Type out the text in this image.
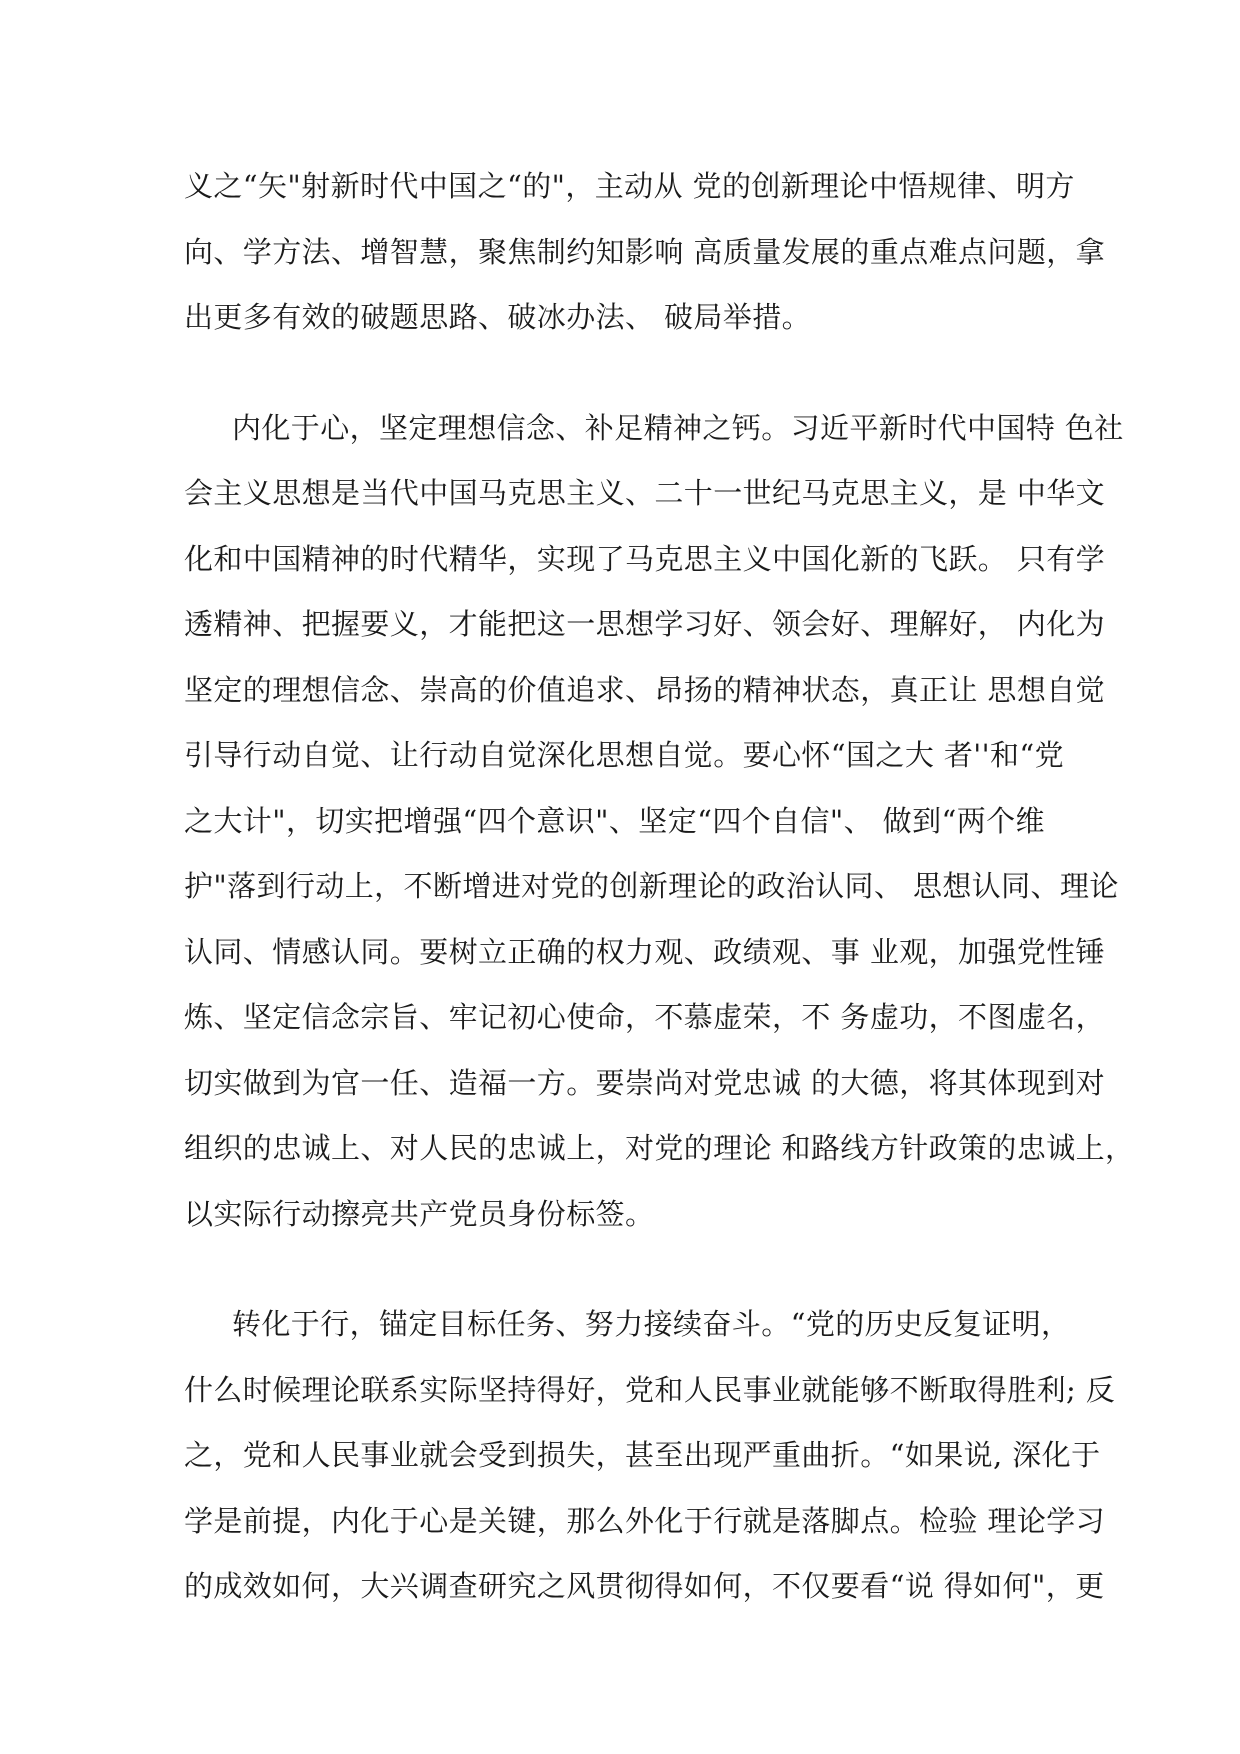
义之“矢"射新时代中国之“的"，主动从 党的创新理论中悟规律、明方
向、学方法、增智慧，聚焦制约知影响 高质量发展的重点难点问题，拿
出更多有效的破题思路、破冰办法、 破局举措。
内化于心，坚定理想信念、补足精神之钙。习近平新时代中国特 色社
会主义思想是当代中国马克思主义、二十一世纪马克思主义，是 中华文
化和中国精神的时代精华，实现了马克思主义中国化新的飞跃。 只有学
透精神、把握要义，才能把这一思想学习好、领会好、理解好， 内化为
坚定的理想信念、崇高的价值追求、昂扬的精神状态，真正让 思想自觉
引导行动自觉、让行动自觉深化思想自觉。要心怀“国之大 者''和“党
之大计"，切实把增强“四个意识"、坚定“四个自信"、 做到“两个维
护"落到行动上，不断增进对党的创新理论的政治认同、 思想认同、理论
认同、情感认同。要树立正确的权力观、政绩观、事 业观，加强党性锤
炼、坚定信念宗旨、牢记初心使命，不慕虚荣，不 务虚功，不图虚名，
切实做到为官一任、造福一方。要崇尚对党忠诚 的大德，将其体现到对
组织的忠诚上、对人民的忠诚上，对党的理论 和路线方针政策的忠诚上，
以实际行动擦亮共产党员身份标签。
转化于行，锚定目标任务、努力接续奋斗。“党的历史反复证明，
什么时候理论联系实际坚持得好，党和人民事业就能够不断取得胜利; 反
之，党和人民事业就会受到损失，甚至出现严重曲折。“如果说, 深化于
学是前提，内化于心是关键，那么外化于行就是落脚点。检验 理论学习
的成效如何，大兴调查研究之风贯彻得如何，不仅要看“说 得如何"，更
